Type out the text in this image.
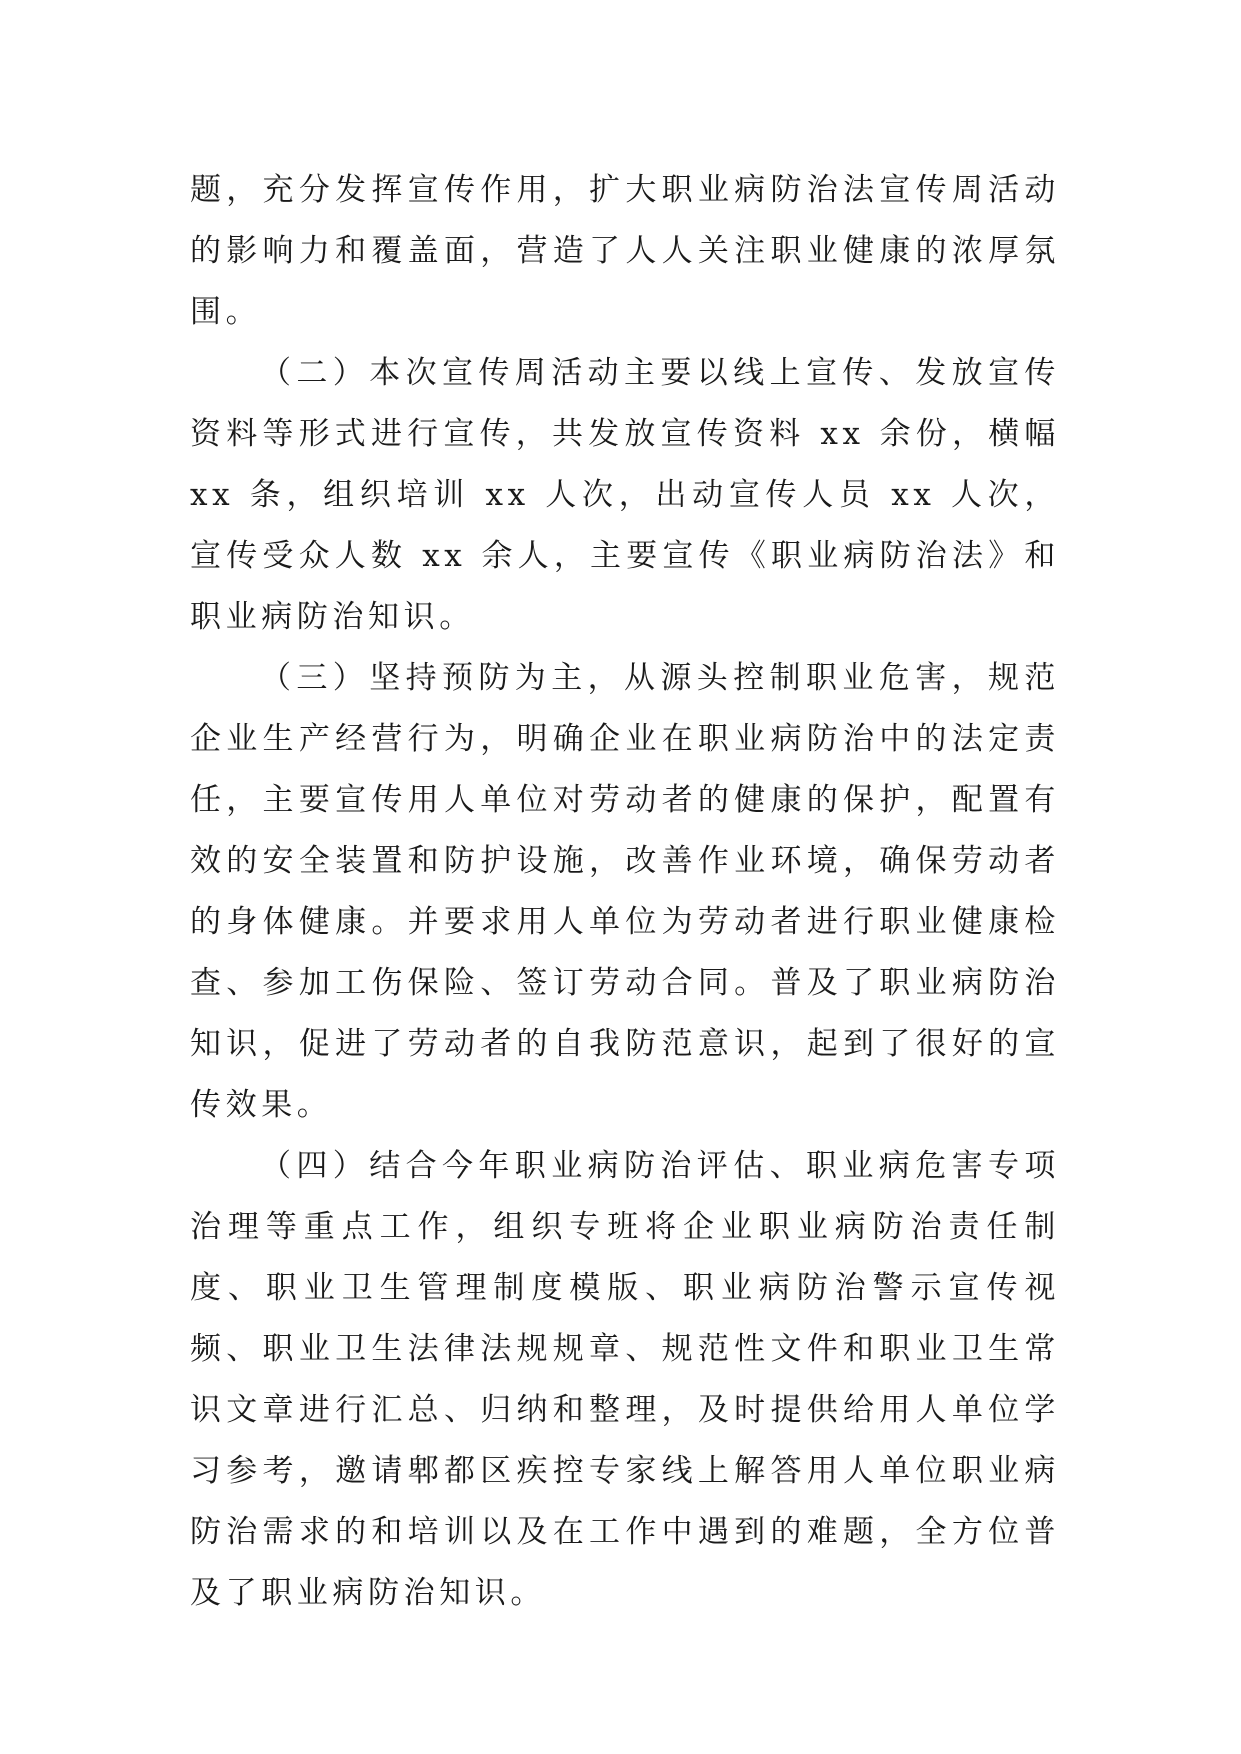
题，充分发挥宣传作用，扩大职业病防治法宣传周活动的影响力和覆盖面，营造了人人关注职业健康的浓厚氛围。

（二）本次宣传周活动主要以线上宣传、发放宣传资料等形式进行宣传，共发放宣传资料 xx 余份，横幅 xx 条，组织培训 xx 人次，出动宣传人员 xx 人次，宣传受众人数 xx 余人，主要宣传《职业病防治法》和职业病防治知识。

（三）坚持预防为主，从源头控制职业危害，规范企业生产经营行为，明确企业在职业病防治中的法定责任，主要宣传用人单位对劳动者的健康的保护，配置有效的安全装置和防护设施，改善作业环境，确保劳动者的身体健康。并要求用人单位为劳动者进行职业健康检查、参加工伤保险、签订劳动合同。普及了职业病防治知识，促进了劳动者的自我防范意识，起到了很好的宣传效果。

（四）结合今年职业病防治评估、职业病危害专项治理等重点工作，组织专班将企业职业病防治责任制度、职业卫生管理制度模版、职业病防治警示宣传视频、职业卫生法律法规规章、规范性文件和职业卫生常识文章进行汇总、归纳和整理，及时提供给用人单位学习参考，邀请郫都区疾控专家线上解答用人单位职业病防治需求的和培训以及在工作中遇到的难题，全方位普及了职业病防治知识。
